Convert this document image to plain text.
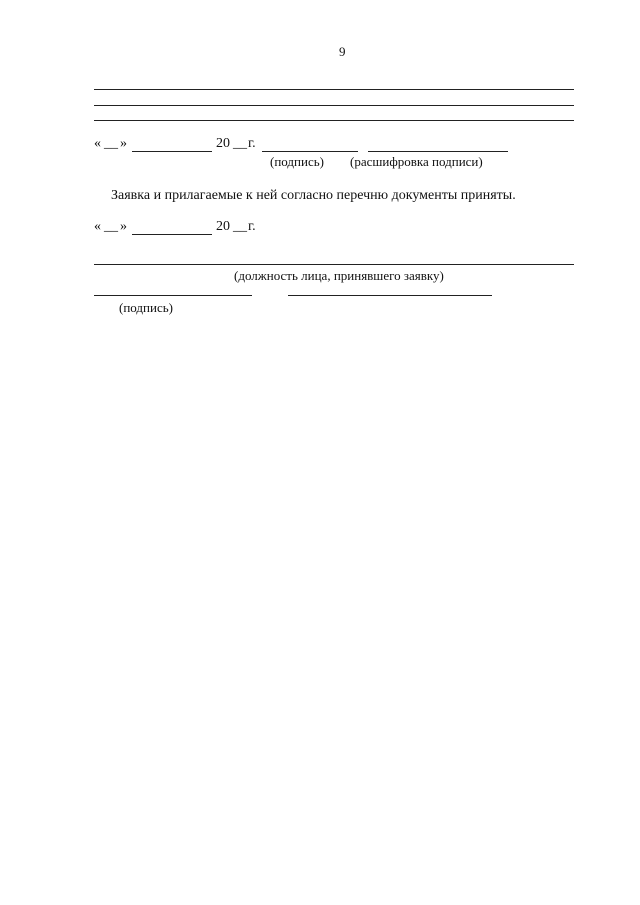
9
« __ »	20 __ г.
(подпись) (расшифровка подписи)
Заявка и прилагаемые к ней согласно перечню документы приняты.
« __ »	20 __ г.
(должность лица, принявшего заявку)
(подпись)
